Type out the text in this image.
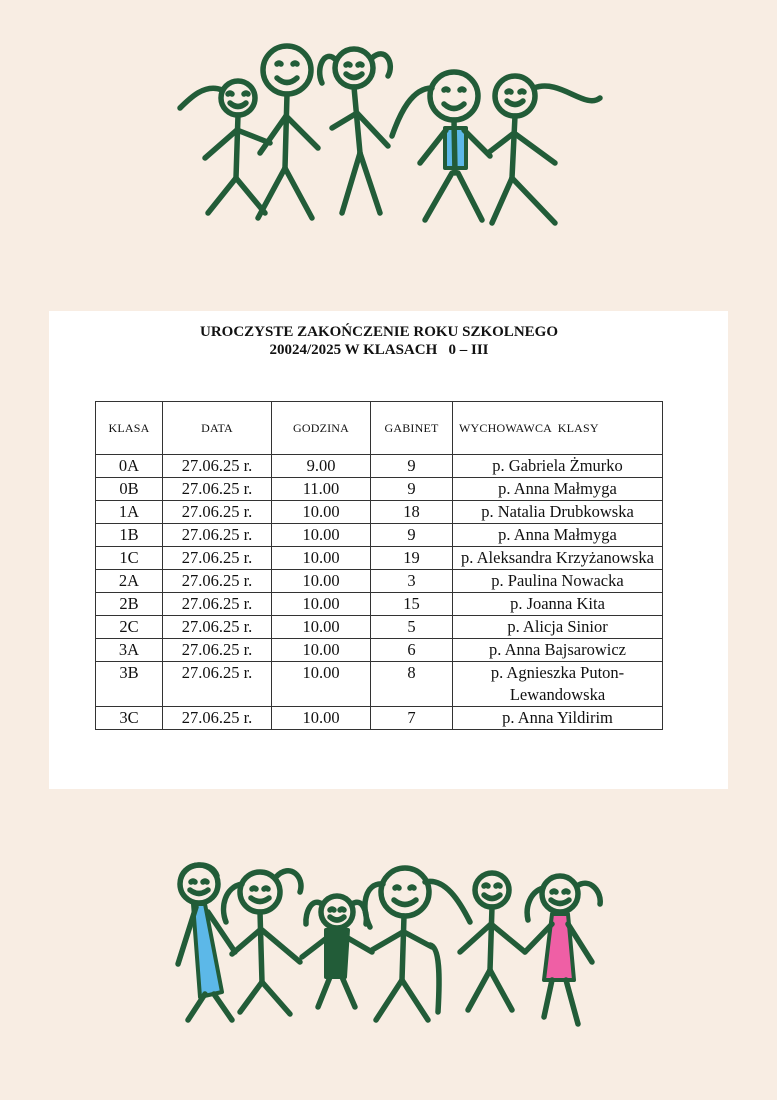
UROCZYSTE ZAKOŃCZENIE ROKU SZKOLNEGO
20024/2025 W KLASACH   0 – III
KLASA	DATA	GODZINA	GABINET	WYCHOWAWCA  KLASY
0A	27.06.25 r.	9.00	9	p. Gabriela Żmurko
0B	27.06.25 r.	11.00	9	p. Anna Małmyga
1A	27.06.25 r.	10.00	18	p. Natalia Drubkowska
1B	27.06.25 r.	10.00	9	p. Anna Małmyga
1C	27.06.25 r.	10.00	19	p. Aleksandra Krzyżanowska
2A	27.06.25 r.	10.00	3	p. Paulina Nowacka
2B	27.06.25 r.	10.00	15	p. Joanna Kita
2C	27.06.25 r.	10.00	5	p. Alicja Sinior
3A	27.06.25 r.	10.00	6	p. Anna Bajsarowicz
3B	27.06.25 r.	10.00	8	p. Agnieszka Puton-Lewandowska
3C	27.06.25 r.	10.00	7	p. Anna Yildirim
